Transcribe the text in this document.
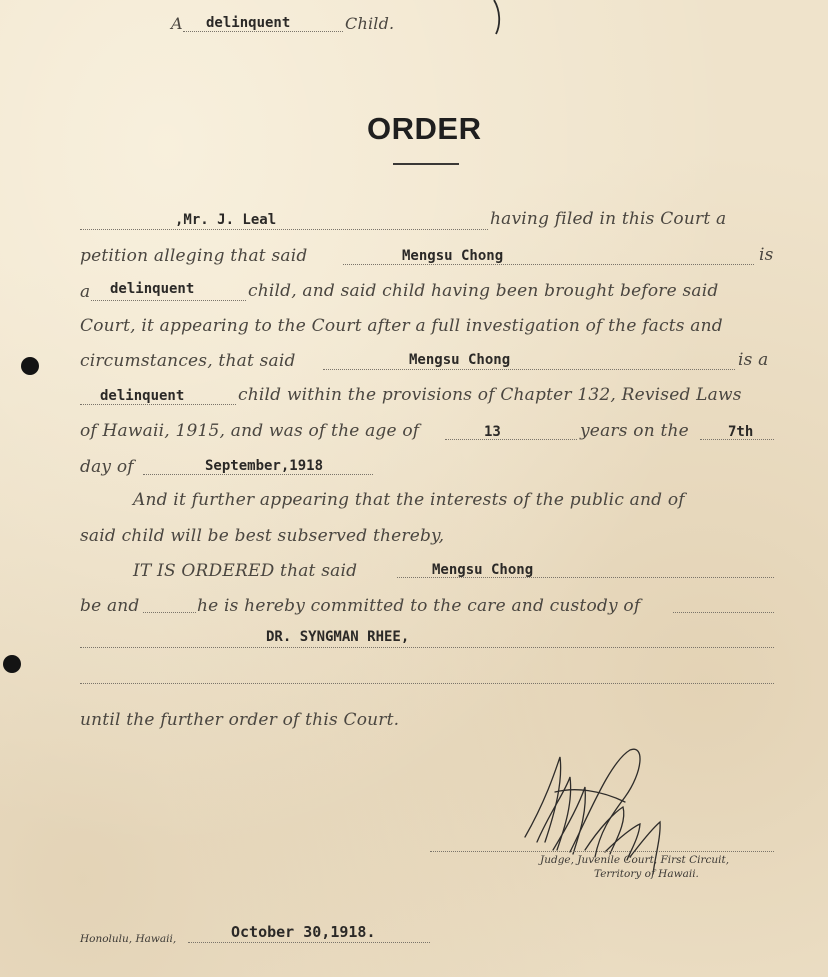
A delinquent	Child.
ORDER
,Mr. J. Leal	having filed in this Court a
petition alleging that said	Mengsu Chong	is
a delinquent	child, and said child having been brought before said
Court, it appearing to the Court after a full investigation of the facts and
circumstances, that said	Mengsu Chong	is a
delinquent	child within the provisions of Chapter 132, Revised Laws
of Hawaii, 1915, and was of the age of	13	years on the	7th
day of	September,1918
And it further appearing that the interests of the public and of
said child will be best subserved thereby,
IT IS ORDERED that said	Mengsu Chong
be and	he is hereby committed to the care and custody of
DR. SYNGMAN RHEE,
until the further order of this Court.
Judge, Juvenile Court, First Circuit,
Territory of Hawaii.
Honolulu, Hawaii,	October 30,1918.
